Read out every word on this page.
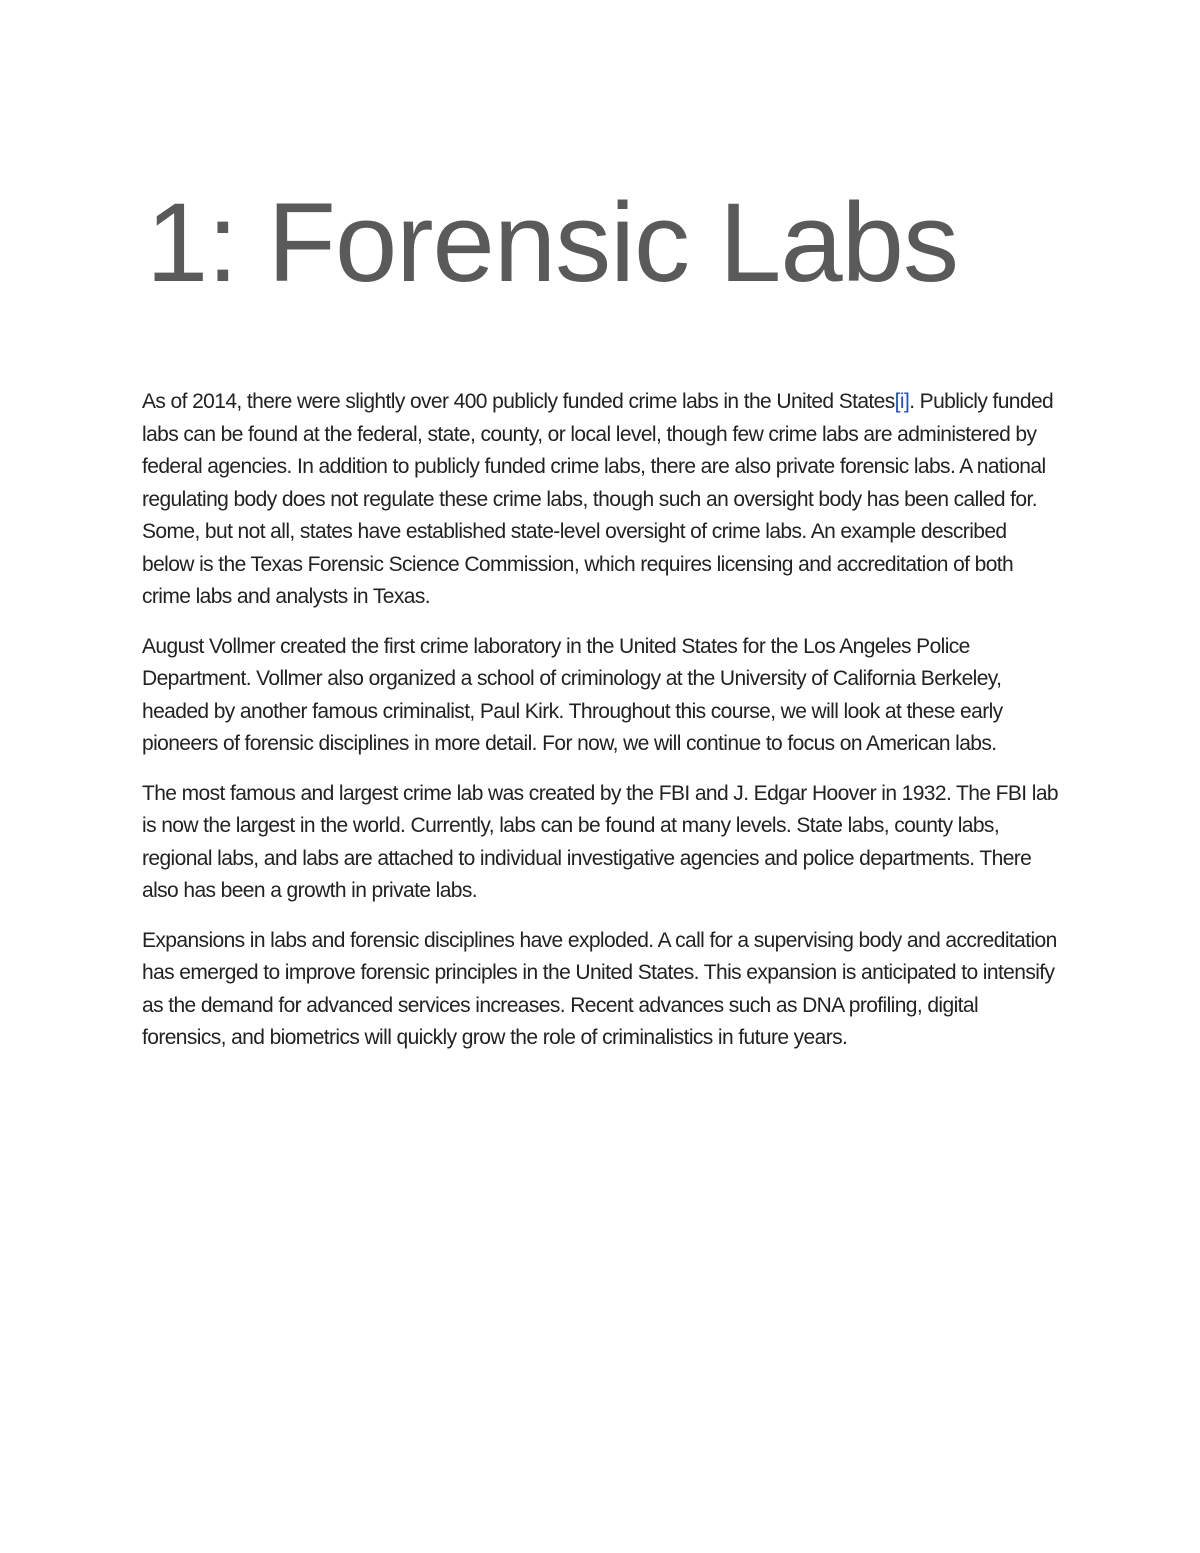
1: Forensic Labs

As of 2014, there were slightly over 400 publicly funded crime labs in the United States[i]. Publicly funded labs can be found at the federal, state, county, or local level, though few crime labs are administered by federal agencies. In addition to publicly funded crime labs, there are also private forensic labs. A national regulating body does not regulate these crime labs, though such an oversight body has been called for. Some, but not all, states have established state-level oversight of crime labs. An example described below is the Texas Forensic Science Commission, which requires licensing and accreditation of both crime labs and analysts in Texas.

August Vollmer created the first crime laboratory in the United States for the Los Angeles Police Department. Vollmer also organized a school of criminology at the University of California Berkeley, headed by another famous criminalist, Paul Kirk. Throughout this course, we will look at these early pioneers of forensic disciplines in more detail. For now, we will continue to focus on American labs.

The most famous and largest crime lab was created by the FBI and J. Edgar Hoover in 1932. The FBI lab is now the largest in the world. Currently, labs can be found at many levels. State labs, county labs, regional labs, and labs are attached to individual investigative agencies and police departments. There also has been a growth in private labs.

Expansions in labs and forensic disciplines have exploded. A call for a supervising body and accreditation has emerged to improve forensic principles in the United States. This expansion is anticipated to intensify as the demand for advanced services increases. Recent advances such as DNA profiling, digital forensics, and biometrics will quickly grow the role of criminalistics in future years.
